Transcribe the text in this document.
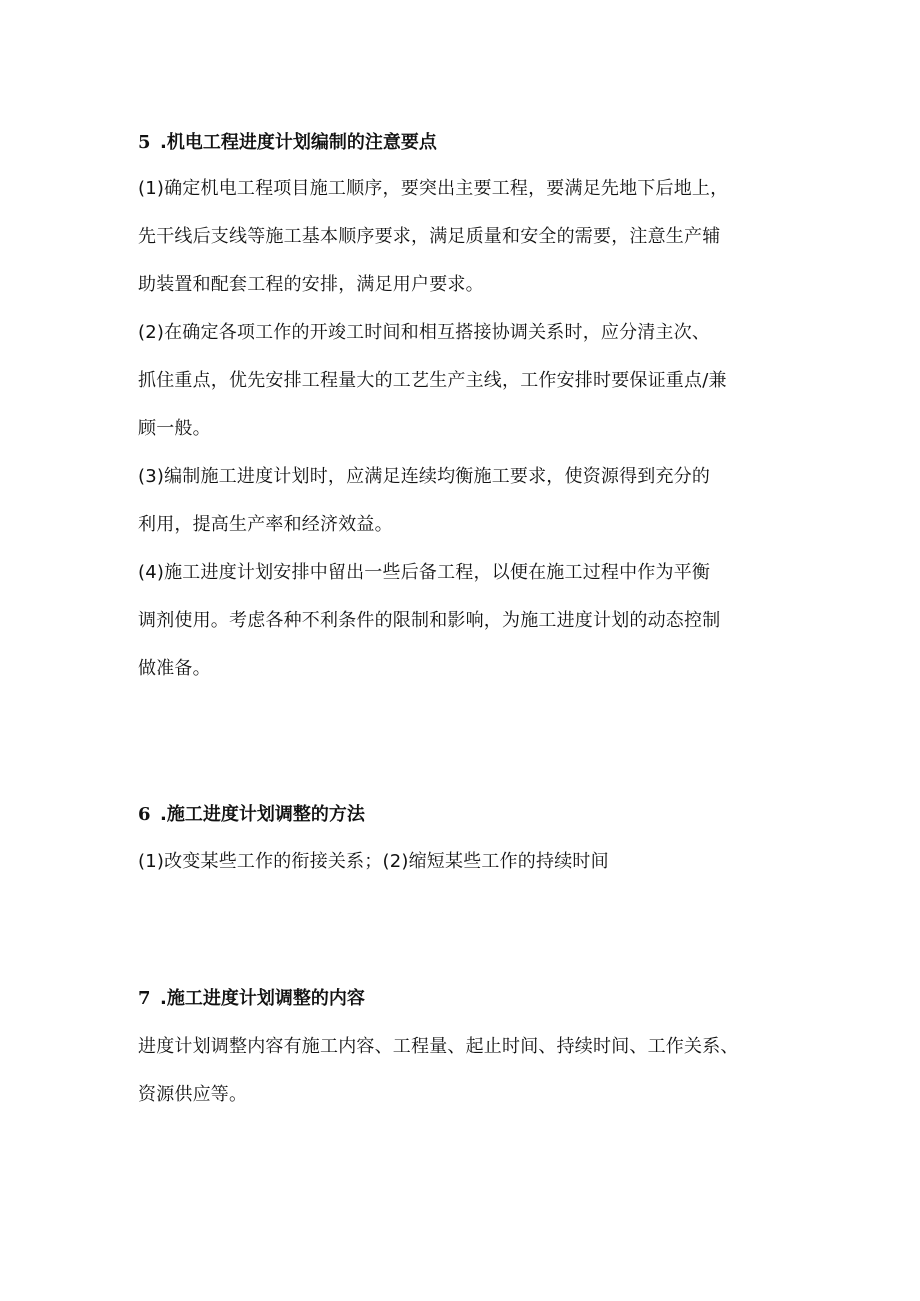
5 .机电工程进度计划编制的注意要点
(1)确定机电工程项目施工顺序，要突出主要工程，要满足先地下后地上，
先干线后支线等施工基本顺序要求，满足质量和安全的需要，注意生产辅
助装置和配套工程的安排，满足用户要求。
(2)在确定各项工作的开竣工时间和相互搭接协调关系时，应分清主次、
抓住重点，优先安排工程量大的工艺生产主线，工作安排时要保证重点/兼
顾一般。
(3)编制施工进度计划时，应满足连续均衡施工要求，使资源得到充分的
利用，提高生产率和经济效益。
(4)施工进度计划安排中留出一些后备工程，以便在施工过程中作为平衡
调剂使用。考虑各种不利条件的限制和影响，为施工进度计划的动态控制
做准备。
6 .施工进度计划调整的方法
(1)改变某些工作的衔接关系；(2)缩短某些工作的持续时间
7 .施工进度计划调整的内容
进度计划调整内容有施工内容、工程量、起止时间、持续时间、工作关系、
资源供应等。
